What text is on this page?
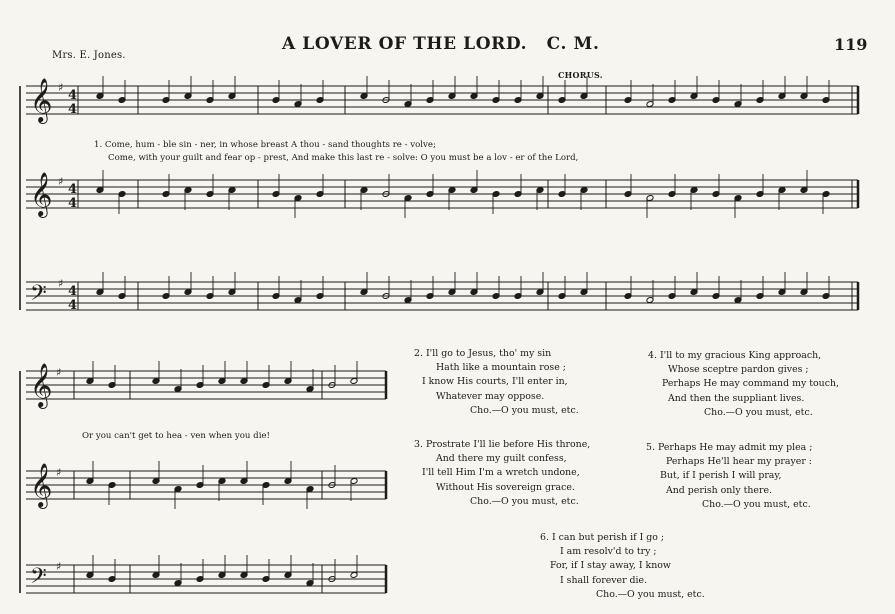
Mrs. E. Jones.
A LOVER OF THE LORD. C. M.	119
CHORUS.
𝄞 ♯
4
4
𝄞 ♯
4
4
𝄢 ♯
4
4
𝄞 ♯
𝄞 ♯
𝄢 ♯
1. Come, hum - ble sin - ner, in whose breast A thou - sand thoughts re - volve;
Come, with your guilt and fear op - prest, And make this last re - solve: O you must be a lov - er of the Lord,
Or you can't get to hea - ven when you die!
2. I'll go to Jesus, tho' my sin
Hath like a mountain rose ;
I know His courts, I'll enter in,
Whatever may oppose.
Cho.—O you must, etc.
3. Prostrate I'll lie before His throne,
And there my guilt confess,
I'll tell Him I'm a wretch undone,
Without His sovereign grace.
Cho.—O you must, etc.
4. I'll to my gracious King approach,
Whose sceptre pardon gives ;
Perhaps He may command my touch,
And then the suppliant lives.
Cho.—O you must, etc.
5. Perhaps He may admit my plea ;
Perhaps He'll hear my prayer :
But, if I perish I will pray,
And perish only there.
Cho.—O you must, etc.
6. I can but perish if I go ;
I am resolv'd to try ;
For, if I stay away, I know
I shall forever die.
Cho.—O you must, etc.
